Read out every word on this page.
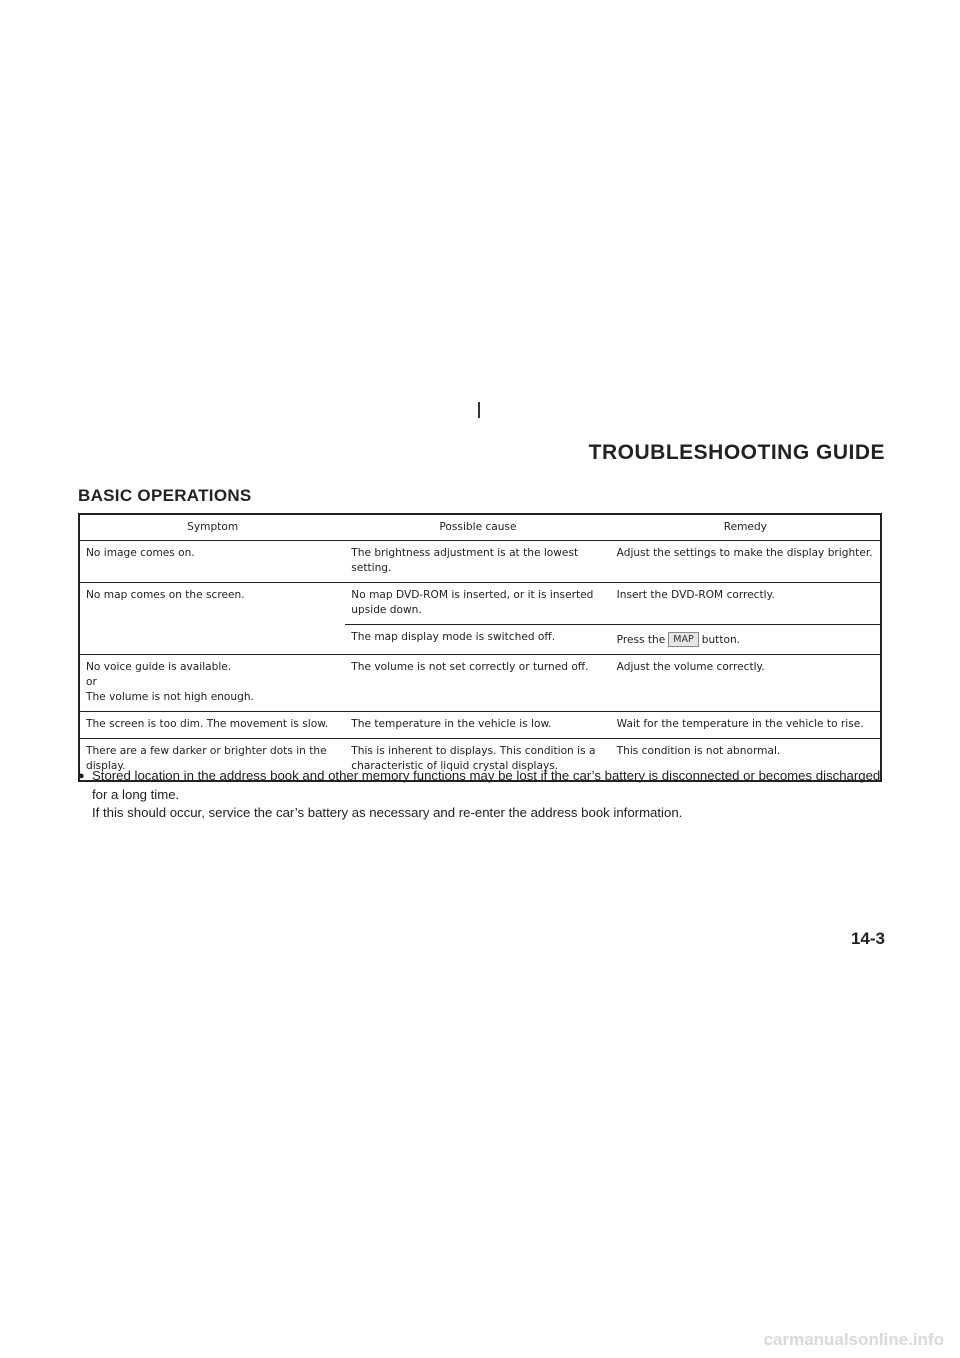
TROUBLESHOOTING GUIDE
BASIC OPERATIONS
Symptom	Possible cause	Remedy
No image comes on.	The brightness adjustment is at the lowest setting.	Adjust the settings to make the display brighter.
No map comes on the screen.	No map DVD-ROM is inserted, or it is inserted upside down.	Insert the DVD-ROM correctly.
	The map display mode is switched off.	Press the MAP button.

No voice guide is available.
or
The volume is not high enough.	The volume is not set correctly or turned off.	Adjust the volume correctly.
The screen is too dim. The movement is slow.	The temperature in the vehicle is low.	Wait for the temperature in the vehicle to rise.
There are a few darker or brighter dots in the display.	This is inherent to displays. This condition is a characteristic of liquid crystal displays.	This condition is not abnormal.
● Stored location in the address book and other memory functions may be lost if the car’s battery is disconnected or becomes discharged for a long time.
If this should occur, service the car’s battery as necessary and re-enter the address book information.
14-3
carmanualsonline.info
